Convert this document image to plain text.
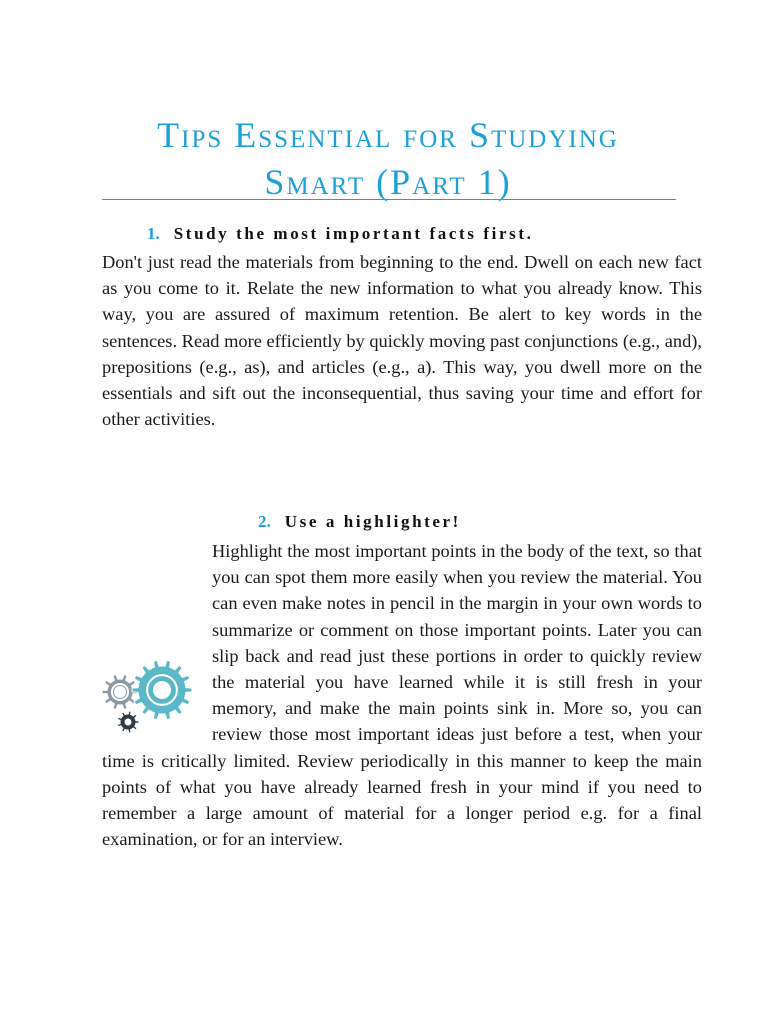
Tips Essential for Studying
Smart (Part 1)
1. Study the most important facts first.

Don't just read the materials from beginning to the end. Dwell on each new fact as you come to it. Relate the new information to what you already know. This way, you are assured of maximum retention. Be alert to key words in the sentences. Read more efficiently by quickly moving past conjunctions (e.g., and), prepositions (e.g., as), and articles (e.g., a). This way, you dwell more on the essentials and sift out the inconsequential, thus saving your time and effort for other activities.

2. Use a highlighter!
Highlight the most important points in the body of the text, so that you can spot them more easily when you review the material. You can even make notes in pencil in the margin in your own words to summarize or comment on those important points. Later you can slip back and read just these portions in order to quickly review the material you have learned while it is still fresh in your memory, and make the main points sink in. More so, you can review those most important ideas just before a test, when your time is critically limited. Review periodically in this manner to keep the main points of what you have already learned fresh in your mind if you need to remember a large amount of material for a longer period e.g. for a final examination, or for an interview.
